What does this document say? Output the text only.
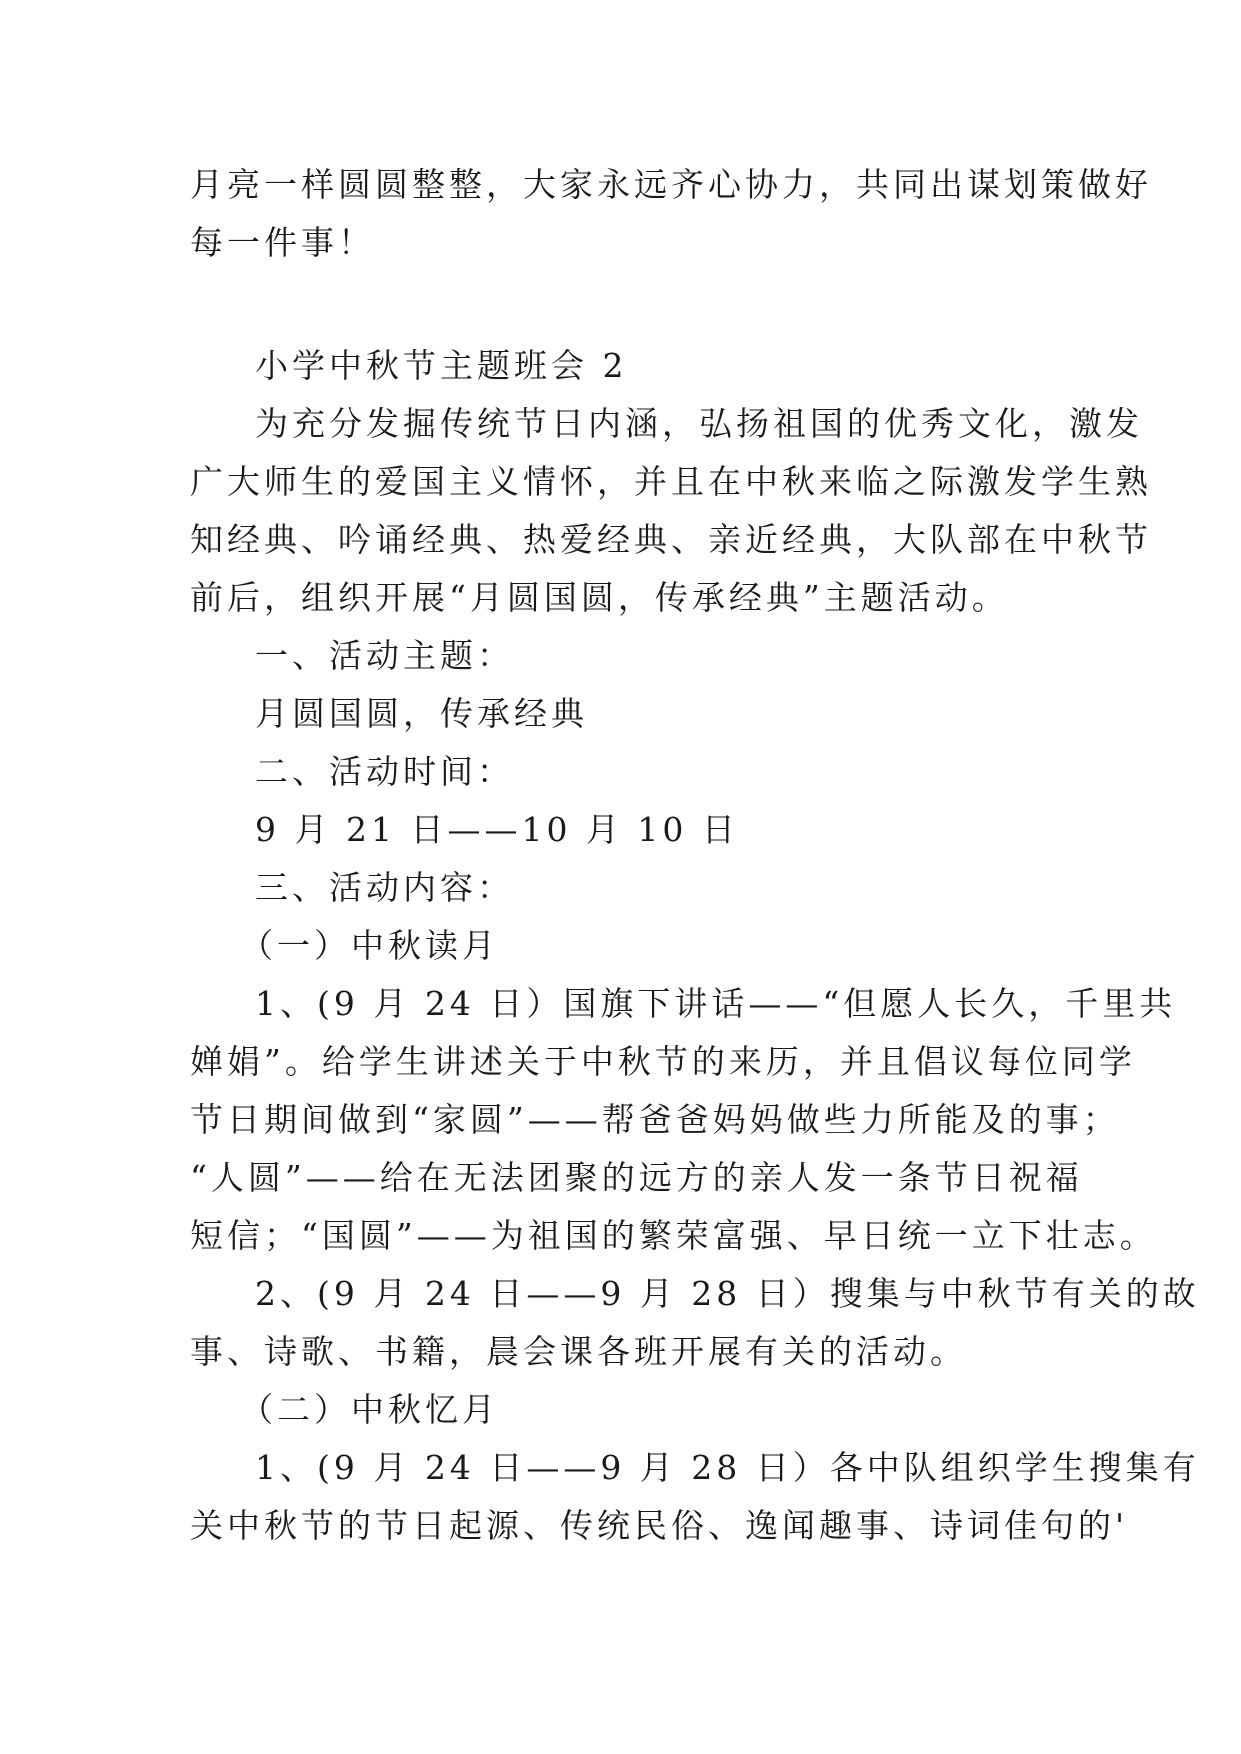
月亮一样圆圆整整，大家永远齐心协力，共同出谋划策做好
每一件事！
小学中秋节主题班会 2
为充分发掘传统节日内涵，弘扬祖国的优秀文化，激发
广大师生的爱国主义情怀，并且在中秋来临之际激发学生熟
知经典、吟诵经典、热爱经典、亲近经典，大队部在中秋节
前后，组织开展“月圆国圆，传承经典”主题活动。
一、活动主题：
月圆国圆，传承经典
二、活动时间：
9 月 21 日——10 月 10 日
三、活动内容：
（一）中秋读月
1、(9 月 24 日）国旗下讲话——“但愿人长久，千里共
婵娟”。给学生讲述关于中秋节的来历，并且倡议每位同学
节日期间做到“家圆”——帮爸爸妈妈做些力所能及的事；
“人圆”——给在无法团聚的远方的亲人发一条节日祝福
短信；“国圆”——为祖国的繁荣富强、早日统一立下壮志。
2、(9 月 24 日——9 月 28 日）搜集与中秋节有关的故
事、诗歌、书籍，晨会课各班开展有关的活动。
（二）中秋忆月
1、(9 月 24 日——9 月 28 日）各中队组织学生搜集有
关中秋节的节日起源、传统民俗、逸闻趣事、诗词佳句的'
